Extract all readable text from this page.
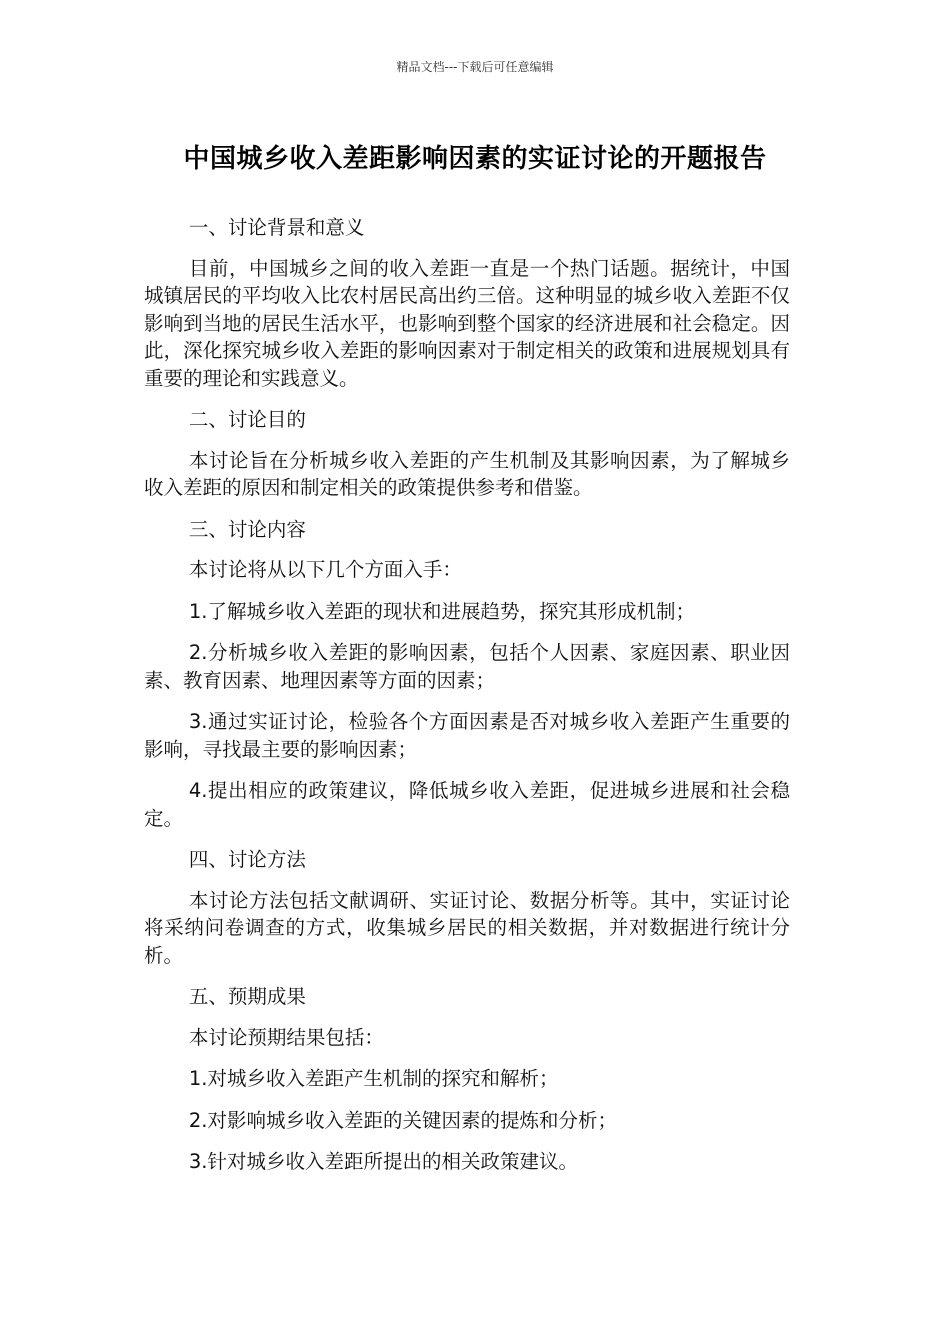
精品文档---下载后可任意编辑
中国城乡收入差距影响因素的实证讨论的开题报告

一、讨论背景和意义

目前，中国城乡之间的收入差距一直是一个热门话题。据统计，中国城镇居民的平均收入比农村居民高出约三倍。这种明显的城乡收入差距不仅影响到当地的居民生活水平，也影响到整个国家的经济进展和社会稳定。因此，深化探究城乡收入差距的影响因素对于制定相关的政策和进展规划具有重要的理论和实践意义。

二、讨论目的

本讨论旨在分析城乡收入差距的产生机制及其影响因素，为了解城乡收入差距的原因和制定相关的政策提供参考和借鉴。

三、讨论内容

本讨论将从以下几个方面入手：

1.了解城乡收入差距的现状和进展趋势，探究其形成机制；

2.分析城乡收入差距的影响因素，包括个人因素、家庭因素、职业因素、教育因素、地理因素等方面的因素；

3.通过实证讨论，检验各个方面因素是否对城乡收入差距产生重要的影响，寻找最主要的影响因素；

4.提出相应的政策建议，降低城乡收入差距，促进城乡进展和社会稳定。

四、讨论方法

本讨论方法包括文献调研、实证讨论、数据分析等。其中，实证讨论将采纳问卷调查的方式，收集城乡居民的相关数据，并对数据进行统计分析。

五、预期成果

本讨论预期结果包括：

1.对城乡收入差距产生机制的探究和解析；

2.对影响城乡收入差距的关键因素的提炼和分析；

3.针对城乡收入差距所提出的相关政策建议。
